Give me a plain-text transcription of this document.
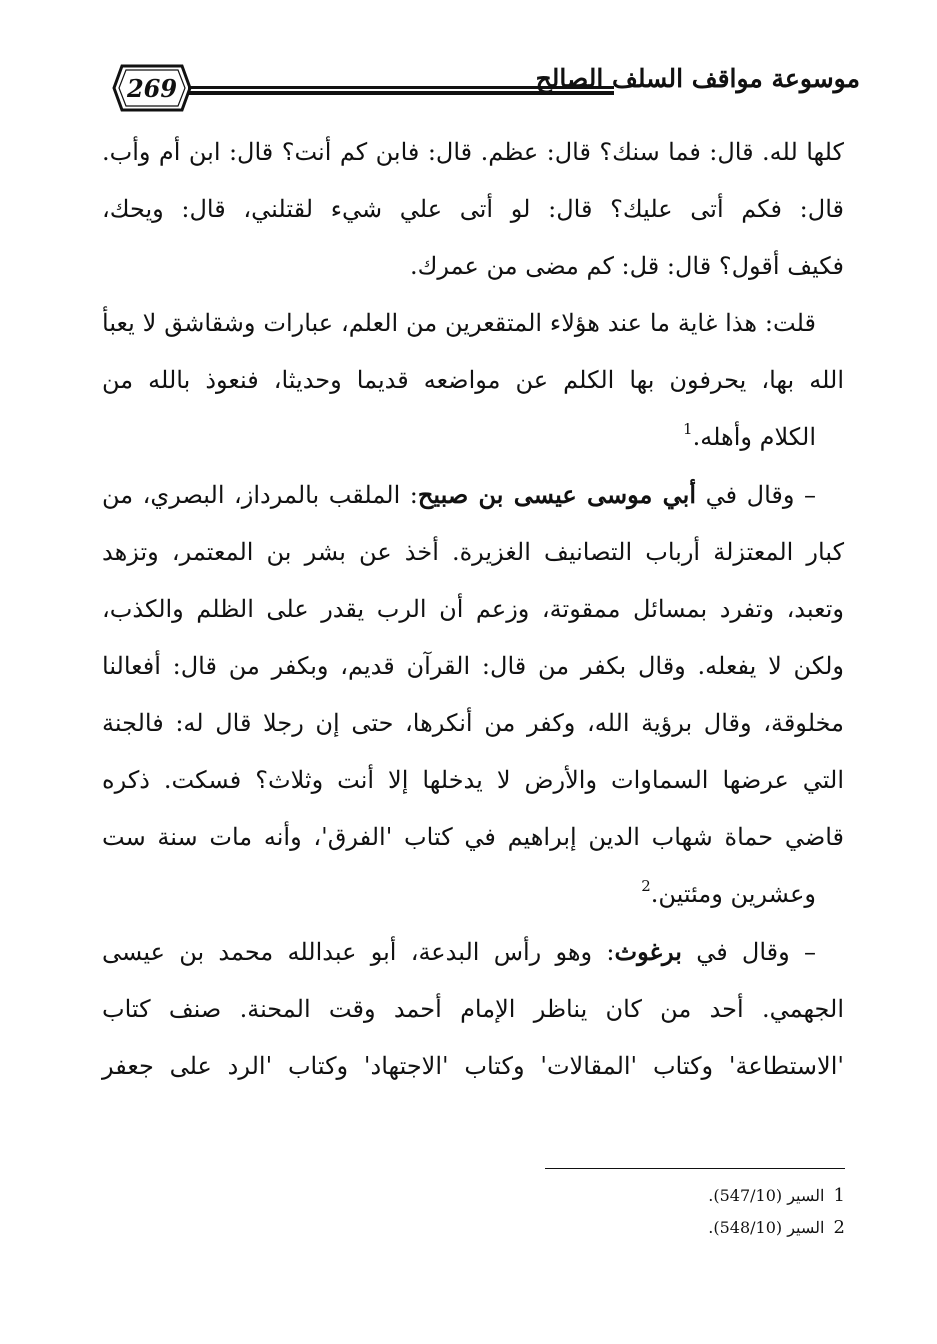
269	موسوعة مواقف السلف الصالح

كلها لله. قال: فما سنك؟ قال: عظم. قال: فابن كم أنت؟ قال: ابن أم وأب. قال: فكم أتى عليك؟ قال: لو أتى علي شيء لقتلني، قال: ويحك،
فكيف أقول؟ قال: قل: كم مضى من عمرك.

قلت: هذا غاية ما عند هؤلاء المتقعرين من العلم، عبارات وشقاشق لا يعبأ الله بها، يحرفون بها الكلم عن مواضعه قديما وحديثا، فنعوذ بالله من
الكلام وأهله.$^1$

– وقال في أبي موسى عيسى بن صبيح: الملقب بالمرداز، البصري، من كبار المعتزلة أرباب التصانيف الغزيرة. أخذ عن بشر بن المعتمر، وتزهد وتعبد، وتفرد بمسائل ممقوتة، وزعم أن الرب يقدر على الظلم والكذب، ولكن لا يفعله. وقال بكفر من قال: القرآن قديم، وبكفر من قال: أفعالنا مخلوقة، وقال برؤية الله، وكفر من أنكرها، حتى إن رجلا قال له: فالجنة التي عرضها السماوات والأرض لا يدخلها إلا أنت وثلاث؟ فسكت. ذكره قاضي حماة شهاب الدين إبراهيم في كتاب 'الفرق'، وأنه مات سنة ست
وعشرين ومئتين.$^2$

– وقال في برغوث: وهو رأس البدعة، أبو عبدالله محمد بن عيسى الجهمي. أحد من كان يناظر الإمام أحمد وقت المحنة. صنف كتاب 'الاستطاعة' وكتاب 'المقالات' وكتاب 'الاجتهاد' وكتاب 'الرد على جعفر

1 السير (547/10).
2 السير (548/10).
